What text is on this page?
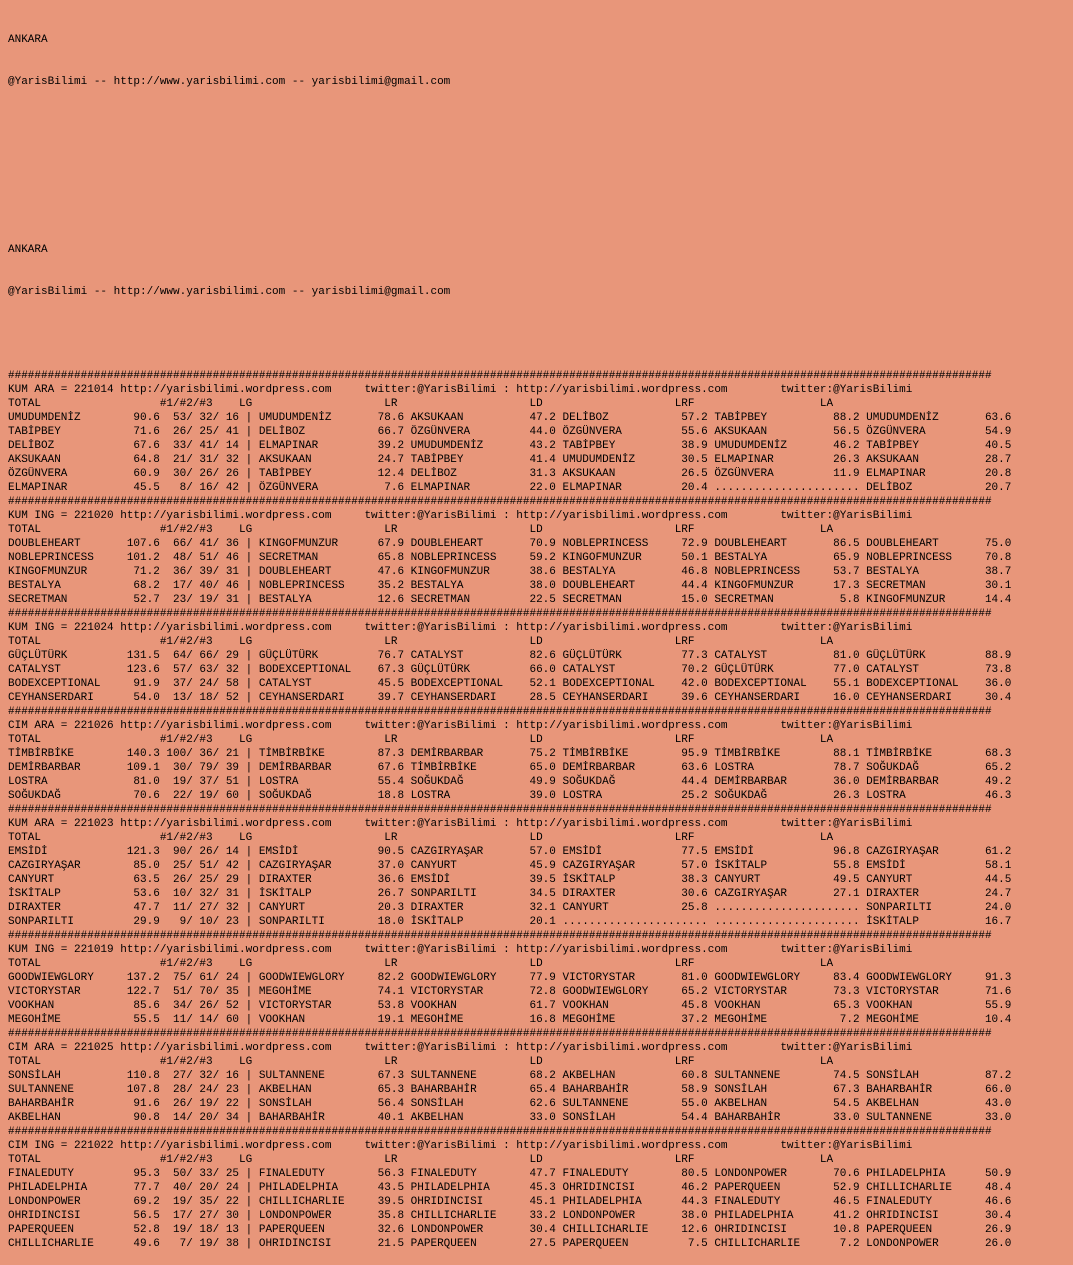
ANKARA

@YarisBilimi -- http://www.yarisbilimi.com -- yarisbilimi@gmail.com

ANKARA

@YarisBilimi -- http://www.yarisbilimi.com -- yarisbilimi@gmail.com

#####################################################################################################################################################
KUM ARA = 221014 http://yarisbilimi.wordpress.com     twitter:@YarisBilimi : http://yarisbilimi.wordpress.com        twitter:@YarisBilimi
TOTAL                  #1/#2/#3    LG                    LR                    LD                    LRF                   LA
UMUDUMDENİZ        90.6  53/ 32/ 16 | UMUDUMDENİZ       78.6 AKSUKAAN          47.2 DELİBOZ           57.2 TABİPBEY          88.2 UMUDUMDENİZ       63.6
TABİPBEY           71.6  26/ 25/ 41 | DELİBOZ           66.7 ÖZGÜNVERA         44.0 ÖZGÜNVERA         55.6 AKSUKAAN          56.5 ÖZGÜNVERA         54.9
DELİBOZ            67.6  33/ 41/ 14 | ELMAPINAR         39.2 UMUDUMDENİZ       43.2 TABİPBEY          38.9 UMUDUMDENİZ       46.2 TABİPBEY          40.5
AKSUKAAN           64.8  21/ 31/ 32 | AKSUKAAN          24.7 TABİPBEY          41.4 UMUDUMDENİZ       30.5 ELMAPINAR         26.3 AKSUKAAN          28.7
ÖZGÜNVERA          60.9  30/ 26/ 26 | TABİPBEY          12.4 DELİBOZ           31.3 AKSUKAAN          26.5 ÖZGÜNVERA         11.9 ELMAPINAR         20.8
ELMAPINAR          45.5   8/ 16/ 42 | ÖZGÜNVERA          7.6 ELMAPINAR         22.0 ELMAPINAR         20.4 ...................... DELİBOZ           20.7
#####################################################################################################################################################
KUM ING = 221020 http://yarisbilimi.wordpress.com     twitter:@YarisBilimi : http://yarisbilimi.wordpress.com        twitter:@YarisBilimi
TOTAL                  #1/#2/#3    LG                    LR                    LD                    LRF                   LA
DOUBLEHEART       107.6  66/ 41/ 36 | KINGOFMUNZUR      67.9 DOUBLEHEART       70.9 NOBLEPRINCESS     72.9 DOUBLEHEART       86.5 DOUBLEHEART       75.0
NOBLEPRINCESS     101.2  48/ 51/ 46 | SECRETMAN         65.8 NOBLEPRINCESS     59.2 KINGOFMUNZUR      50.1 BESTALYA          65.9 NOBLEPRINCESS     70.8
KINGOFMUNZUR       71.2  36/ 39/ 31 | DOUBLEHEART       47.6 KINGOFMUNZUR      38.6 BESTALYA          46.8 NOBLEPRINCESS     53.7 BESTALYA          38.7
BESTALYA           68.2  17/ 40/ 46 | NOBLEPRINCESS     35.2 BESTALYA          38.0 DOUBLEHEART       44.4 KINGOFMUNZUR      17.3 SECRETMAN         30.1
SECRETMAN          52.7  23/ 19/ 31 | BESTALYA          12.6 SECRETMAN         22.5 SECRETMAN         15.0 SECRETMAN          5.8 KINGOFMUNZUR      14.4
#####################################################################################################################################################
KUM ING = 221024 http://yarisbilimi.wordpress.com     twitter:@YarisBilimi : http://yarisbilimi.wordpress.com        twitter:@YarisBilimi
TOTAL                  #1/#2/#3    LG                    LR                    LD                    LRF                   LA
GÜÇLÜTÜRK         131.5  64/ 66/ 29 | GÜÇLÜTÜRK         76.7 CATALYST          82.6 GÜÇLÜTÜRK         77.3 CATALYST          81.0 GÜÇLÜTÜRK         88.9
CATALYST          123.6  57/ 63/ 32 | BODEXCEPTIONAL    67.3 GÜÇLÜTÜRK         66.0 CATALYST          70.2 GÜÇLÜTÜRK         77.0 CATALYST          73.8
BODEXCEPTIONAL     91.9  37/ 24/ 58 | CATALYST          45.5 BODEXCEPTIONAL    52.1 BODEXCEPTIONAL    42.0 BODEXCEPTIONAL    55.1 BODEXCEPTIONAL    36.0
CEYHANSERDARI      54.0  13/ 18/ 52 | CEYHANSERDARI     39.7 CEYHANSERDARI     28.5 CEYHANSERDARI     39.6 CEYHANSERDARI     16.0 CEYHANSERDARI     30.4
#####################################################################################################################################################
CIM ARA = 221026 http://yarisbilimi.wordpress.com     twitter:@YarisBilimi : http://yarisbilimi.wordpress.com        twitter:@YarisBilimi
TOTAL                  #1/#2/#3    LG                    LR                    LD                    LRF                   LA
TİMBİRBİKE        140.3 100/ 36/ 21 | TİMBİRBİKE        87.3 DEMİRBARBAR       75.2 TİMBİRBİKE        95.9 TİMBİRBİKE        88.1 TİMBİRBİKE        68.3
DEMİRBARBAR       109.1  30/ 79/ 39 | DEMİRBARBAR       67.6 TİMBİRBİKE        65.0 DEMİRBARBAR       63.6 LOSTRA            78.7 SOĞUKDAĞ          65.2
LOSTRA             81.0  19/ 37/ 51 | LOSTRA            55.4 SOĞUKDAĞ          49.9 SOĞUKDAĞ          44.4 DEMİRBARBAR       36.0 DEMİRBARBAR       49.2
SOĞUKDAĞ           70.6  22/ 19/ 60 | SOĞUKDAĞ          18.8 LOSTRA            39.0 LOSTRA            25.2 SOĞUKDAĞ          26.3 LOSTRA            46.3
#####################################################################################################################################################
KUM ARA = 221023 http://yarisbilimi.wordpress.com     twitter:@YarisBilimi : http://yarisbilimi.wordpress.com        twitter:@YarisBilimi
TOTAL                  #1/#2/#3    LG                    LR                    LD                    LRF                   LA
EMSİDİ            121.3  90/ 26/ 14 | EMSİDİ            90.5 CAZGIRYAŞAR       57.0 EMSİDİ            77.5 EMSİDİ            96.8 CAZGIRYAŞAR       61.2
CAZGIRYAŞAR        85.0  25/ 51/ 42 | CAZGIRYAŞAR       37.0 CANYURT           45.9 CAZGIRYAŞAR       57.0 İSKİTALP          55.8 EMSİDİ            58.1
CANYURT            63.5  26/ 25/ 29 | DIRAXTER          36.6 EMSİDİ            39.5 İSKİTALP          38.3 CANYURT           49.5 CANYURT           44.5
İSKİTALP           53.6  10/ 32/ 31 | İSKİTALP          26.7 SONPARILTI        34.5 DIRAXTER          30.6 CAZGIRYAŞAR       27.1 DIRAXTER          24.7
DIRAXTER           47.7  11/ 27/ 32 | CANYURT           20.3 DIRAXTER          32.1 CANYURT           25.8 ...................... SONPARILTI        24.0
SONPARILTI         29.9   9/ 10/ 23 | SONPARILTI        18.0 İSKİTALP          20.1 ...................... ...................... İSKİTALP          16.7
#####################################################################################################################################################
KUM ING = 221019 http://yarisbilimi.wordpress.com     twitter:@YarisBilimi : http://yarisbilimi.wordpress.com        twitter:@YarisBilimi
TOTAL                  #1/#2/#3    LG                    LR                    LD                    LRF                   LA
GOODWIEWGLORY     137.2  75/ 61/ 24 | GOODWIEWGLORY     82.2 GOODWIEWGLORY     77.9 VICTORYSTAR       81.0 GOODWIEWGLORY     83.4 GOODWIEWGLORY     91.3
VICTORYSTAR       122.7  51/ 70/ 35 | MEGOHİME          74.1 VICTORYSTAR       72.8 GOODWIEWGLORY     65.2 VICTORYSTAR       73.3 VICTORYSTAR       71.6
VOOKHAN            85.6  34/ 26/ 52 | VICTORYSTAR       53.8 VOOKHAN           61.7 VOOKHAN           45.8 VOOKHAN           65.3 VOOKHAN           55.9
MEGOHİME           55.5  11/ 14/ 60 | VOOKHAN           19.1 MEGOHİME          16.8 MEGOHİME          37.2 MEGOHİME           7.2 MEGOHİME          10.4
#####################################################################################################################################################
CIM ARA = 221025 http://yarisbilimi.wordpress.com     twitter:@YarisBilimi : http://yarisbilimi.wordpress.com        twitter:@YarisBilimi
TOTAL                  #1/#2/#3    LG                    LR                    LD                    LRF                   LA
SONSİLAH          110.8  27/ 32/ 16 | SULTANNENE        67.3 SULTANNENE        68.2 AKBELHAN          60.8 SULTANNENE        74.5 SONSİLAH          87.2
SULTANNENE        107.8  28/ 24/ 23 | AKBELHAN          65.3 BAHARBAHİR        65.4 BAHARBAHİR        58.9 SONSİLAH          67.3 BAHARBAHİR        66.0
BAHARBAHİR         91.6  26/ 19/ 22 | SONSİLAH          56.4 SONSİLAH          62.6 SULTANNENE        55.0 AKBELHAN          54.5 AKBELHAN          43.0
AKBELHAN           90.8  14/ 20/ 34 | BAHARBAHİR        40.1 AKBELHAN          33.0 SONSİLAH          54.4 BAHARBAHİR        33.0 SULTANNENE        33.0
#####################################################################################################################################################
CIM ING = 221022 http://yarisbilimi.wordpress.com     twitter:@YarisBilimi : http://yarisbilimi.wordpress.com        twitter:@YarisBilimi
TOTAL                  #1/#2/#3    LG                    LR                    LD                    LRF                   LA
FINALEDUTY         95.3  50/ 33/ 25 | FINALEDUTY        56.3 FINALEDUTY        47.7 FINALEDUTY        80.5 LONDONPOWER       70.6 PHILADELPHIA      50.9
PHILADELPHIA       77.7  40/ 20/ 24 | PHILADELPHIA      43.5 PHILADELPHIA      45.3 OHRIDINCISI       46.2 PAPERQUEEN        52.9 CHILLICHARLIE     48.4
LONDONPOWER        69.2  19/ 35/ 22 | CHILLICHARLIE     39.5 OHRIDINCISI       45.1 PHILADELPHIA      44.3 FINALEDUTY        46.5 FINALEDUTY        46.6
OHRIDINCISI        56.5  17/ 27/ 30 | LONDONPOWER       35.8 CHILLICHARLIE     33.2 LONDONPOWER       38.0 PHILADELPHIA      41.2 OHRIDINCISI       30.4
PAPERQUEEN         52.8  19/ 18/ 13 | PAPERQUEEN        32.6 LONDONPOWER       30.4 CHILLICHARLIE     12.6 OHRIDINCISI       10.8 PAPERQUEEN        26.9
CHILLICHARLIE      49.6   7/ 19/ 38 | OHRIDINCISI       21.5 PAPERQUEEN        27.5 PAPERQUEEN         7.5 CHILLICHARLIE      7.2 LONDONPOWER       26.0
